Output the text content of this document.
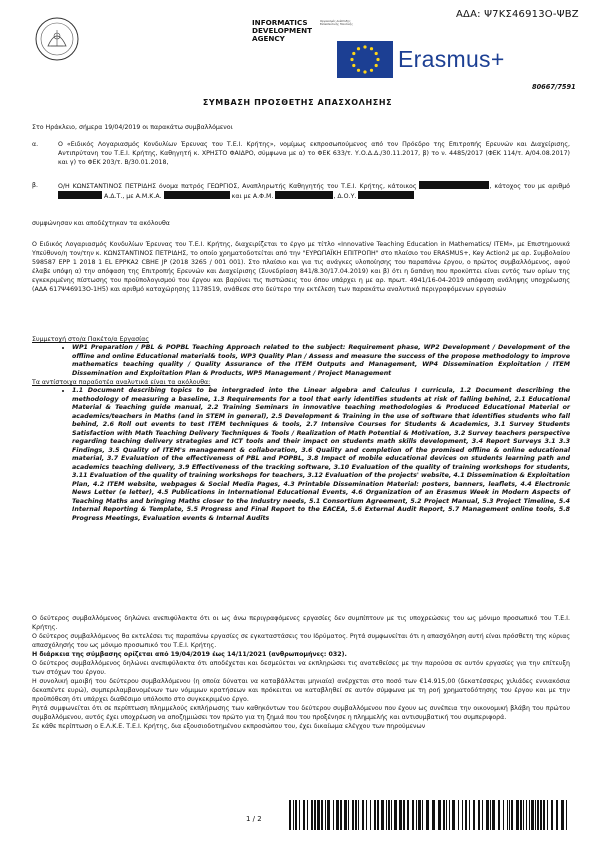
ΑΔΑ: Ψ7ΚΣ46913Ο-ΨΒΖ
INFORMATICS DEVELOPMENT AGENCY
Οργανισμός Ανάπτυξης Εκπαιδευτικής Πολιτικής
Erasmus+
80667/7591
ΣΥΜΒΑΣΗ ΠΡΟΣΘΕΤΗΣ ΑΠΑΣΧΟΛΗΣΗΣ
Στο Ηράκλειο, σήμερα 19/04/2019 οι παρακάτω συμβαλλόμενοι
α.	Ο «Ειδικός Λογαριασμός Κονδυλίων Έρευνας του Τ.Ε.Ι. Κρήτης», νομίμως εκπροσωπούμενος από τον Πρόεδρο της Επιτροπής Ερευνών και Διαχείρισης, Αντιπρύτανη του Τ.Ε.Ι. Κρήτης, Καθηγητή κ. ΧΡΗΣΤΟ ΦΑΙΔΡΟ, σύμφωνα με α) το ΦΕΚ 633/τ. Υ.Ο.Δ.Δ./30.11.2017, β) το ν. 4485/2017 (ΦΕΚ 114/τ. Α/04.08.2017) και γ) το ΦΕΚ 203/τ. Β/30.01.2018,

β.	Ο/Η ΚΩΝΣΤΑΝΤΙΝΟΣ ΠΕΤΡΙΔΗΣ όνομα πατρός ΓΕΩΡΓΙΟΣ, Αναπληρωτής Καθηγητής του Τ.Ε.Ι. Κρήτης, κάτοικος	, κάτοχος του με αριθμό  Α.Δ.Τ., με Α.Μ.Κ.Α.	και με Α.Φ.Μ.	, Δ.Ο.Υ.

συμφώνησαν και αποδέχτηκαν τα ακόλουθα

Ο Ειδικός Λογαριασμός Κονδυλίων Έρευνας του Τ.Ε.Ι. Κρήτης, διαχειρίζεται το έργο με τίτλο «Innovative Teaching Education in Mathematics/ ITEM», με Επιστημονικά Υπεύθυνο/η τον/την κ. ΚΩΝΣΤΑΝΤΙΝΟΣ ΠΕΤΡΙΔΗΣ, το οποίο χρηματοδοτείται από την "ΕΥΡΩΠΑΪΚΗ ΕΠΙΤΡΟΠΗ" στο πλαίσιο του ERASMUS+, Key Action2 με αρ. Συμβολαίου 598587 EPP 1 2018 1 EL EPPKA2 CBHE JP (2018 3265 / 001 001). Στο πλαίσιο και για τις ανάγκες υλοποίησης του παραπάνω έργου, ο πρώτος συμβαλλόμενος, αφού έλαβε υπόψη α) την απόφαση της Επιτροπής Ερευνών και Διαχείρισης (Συνεδρίαση 841/8.30/17.04.2019) και β) ότι η δαπάνη που προκύπτει είναι εντός των ορίων της εγκεκριμένης πίστωσης του προϋπολογισμού του έργου και βαρύνει τις πιστώσεις του όπου υπάρχει η με αρ. πρωτ. 4941/16-04-2019 απόφαση ανάληψης υποχρέωσης (ΑΔΑ 617Ψ46913Ο-1Η5) και αριθμό καταχώρησης 1178519, ανάθεσε στο δεύτερο την εκτέλεση των παρακάτω αναλυτικά περιγραφόμενων εργασιών

Συμμετοχή στο/α Πακέτο/α Εργασίας

• WP1 Preparation / PBL & POPBL Teaching Approach related to the subject: Requirement phase, WP2 Development / Development of the offline and online Educational material& tools, WP3 Quality Plan / Assess and measure the success of the propose methodology to improve mathematics teaching quality / Quality Assurance of the ITEM Outputs and Management, WP4 Dissemination Exploitation / ITEM Dissemination and Exploitation Plan & Products, WP5 Management / Project Management

Τα αντίστοιχα παραδοτέα αναλυτικά είναι τα ακόλουθα:

• 1.1 Document describing topics to be intergraded into the Linear algebra and Calculus I curricula, 1.2 Document describing the methodology of measuring a baseline, 1.3 Requirements for a tool that early identifies students at risk of falling behind, 2.1 Educational Material & Teaching guide manual, 2.2 Training Seminars in innovative teaching methodologies & Produced Educational Material or academics/teachers in Maths (and in STEM in general), 2.5 Development & Training in the use of software that identifies students who fall behind, 2.6 Roll out events to test ITEM techniques & tools, 2.7 Intensive Courses for Students & Academics, 3.1 Survey Students Satisfaction with Math Teaching Delivery Techniques & Tools / Realization of Math Potential & Motivation, 3.2 Survey teachers perspective regarding teaching delivery strategies and ICT tools and their impact on students math skills development, 3.4 Report Surveys 3.1 3.3 Findings, 3.5 Quality of ITEM's management & collaboration, 3.6 Quality and completion of the promised offline & online educational material, 3.7 Evaluation of the effectiveness of PBL and POPBL, 3.8 Impact of mobile educational devices on students learning path and academics teaching delivery, 3.9 Effectiveness of the tracking software, 3.10 Evaluation of the quality of training workshops for students, 3.11 Evaluation of the quality of training workshops for teachers, 3.12 Evaluation of the projects' website, 4.1 Dissemination & Exploitation Plan, 4.2 ITEM website, webpages & Social Media Pages, 4.3 Printable Dissemination Material: posters, banners, leaflets, 4.4 Electronic News Letter (e letter), 4.5 Publications in International Educational Events, 4.6 Organization of an Erasmus Week in Modern Aspects of Teaching Maths and bringing Maths closer to the Industry needs, 5.1 Consortium Agreement, 5.2 Project Manual, 5.3 Project Timeline, 5.4 Internal Reporting & Template, 5.5 Progress and Final Report to the EACEA, 5.6 External Audit Report, 5.7 Management online tools, 5.8 Progress Meetings, Evaluation events & Internal Audits

Ο δεύτερος συμβαλλόμενος δηλώνει ανεπιφύλακτα ότι οι ως άνω περιγραφόμενες εργασίες δεν συμπίπτουν με τις υποχρεώσεις του ως μόνιμο προσωπικό του Τ.Ε.Ι. Κρήτης.

Ο δεύτερος συμβαλλόμενος θα εκτελέσει τις παραπάνω εργασίες σε εγκαταστάσεις του Ιδρύματος. Ρητά συμφωνείται ότι η απασχόληση αυτή είναι πρόσθετη της κύριας απασχόλησής του ως μόνιμο προσωπικό του Τ.Ε.Ι. Κρήτης.

Η διάρκεια της σύμβασης ορίζεται από 19/04/2019 έως 14/11/2021 (ανθρωπομήνες: 032).

Ο δεύτερος συμβαλλόμενος δηλώνει ανεπιφύλακτα ότι αποδέχεται και δεσμεύεται να εκπληρώσει τις ανατεθείσες με την παρούσα σε αυτόν εργασίες για την επίτευξη των στόχων του έργου.

Η συνολική αμοιβή του δεύτερου συμβαλλόμενου (η οποία δύναται να καταβάλλεται μηνιαία) ανέρχεται στο ποσό των €14.915,00 (δεκατέσσερις χιλιάδες εννιακόσια δεκαπέντε ευρώ), συμπεριλαμβανομένων των νόμιμων κρατήσεων και πρόκειται να καταβληθεί σε αυτόν σύμφωνα με τη ροή χρηματοδότησης του έργου και με την προϋπόθεση ότι υπάρχει διαθέσιμο υπόλοιπο στο συγκεκριμένο έργο.

Ρητά συμφωνείται ότι σε περίπτωση πλημμελούς εκπλήρωσης των καθηκόντων του δεύτερου συμβαλλόμενου που έχουν ως συνέπεια την οικονομική βλάβη του πρώτου συμβαλλόμενου, αυτός έχει υποχρέωση να αποζημιώσει τον πρώτο για τη ζημιά που του προξένησε η πλημμελής και αντισυμβατική του συμπεριφορά.

Σε κάθε περίπτωση ο Ε.Λ.Κ.Ε. Τ.Ε.Ι. Κρήτης, δια εξουσιοδοτημένου εκπροσώπου του, έχει δικαίωμα ελέγχου των πηρούμενων

1 / 2
